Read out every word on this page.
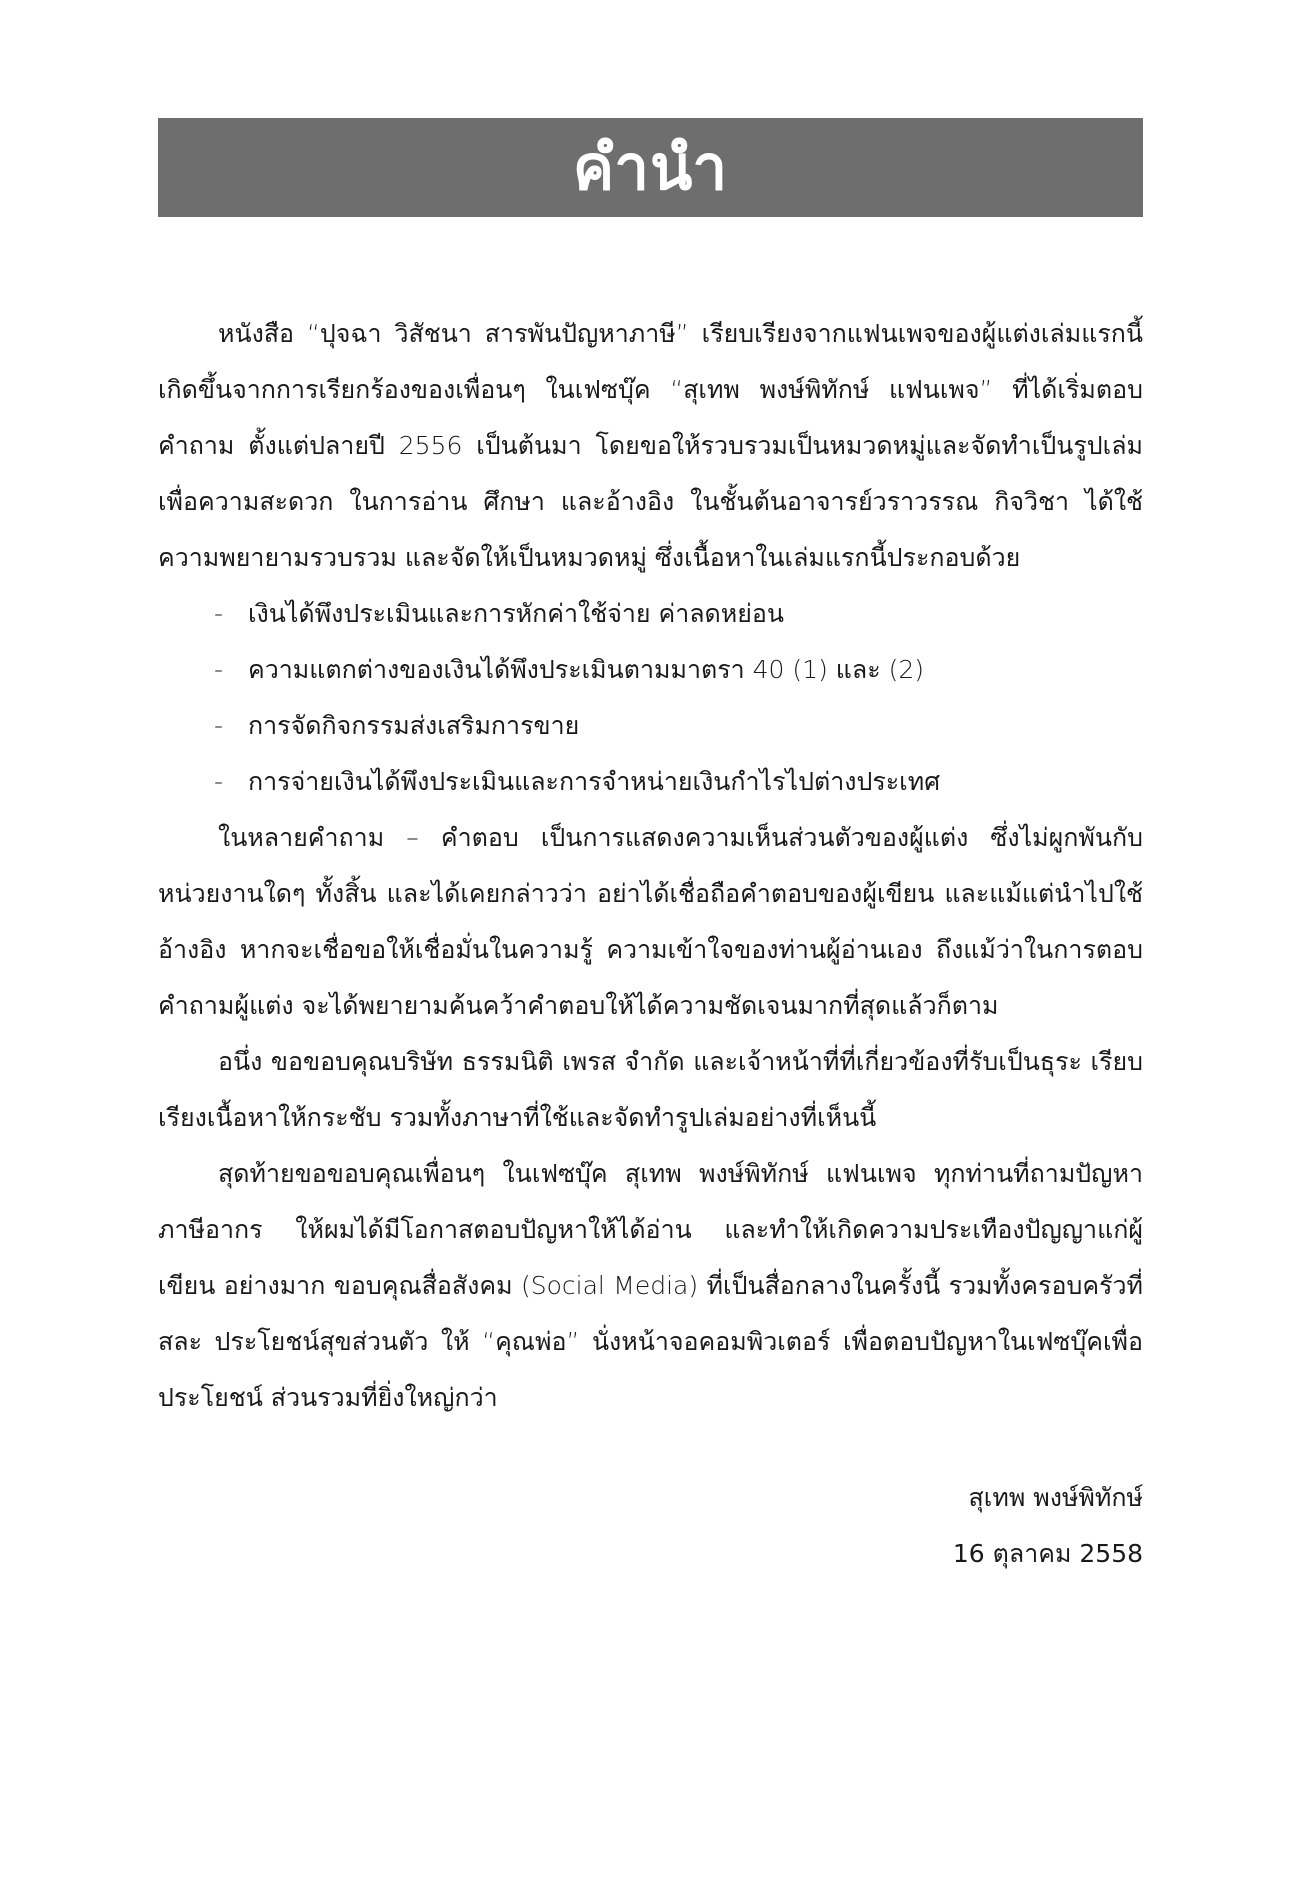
คำนำ

หนังสือ “ปุจฉา วิสัชนา สารพันปัญหาภาษี” เรียบเรียงจากแฟนเพจของผู้แต่งเล่มแรกนี้ เกิดขึ้นจากการเรียกร้องของเพื่อนๆ ในเฟซบุ๊ค “สุเทพ พงษ์พิทักษ์ แฟนเพจ” ที่ได้เริ่มตอบคำถาม ตั้งแต่ปลายปี 2556 เป็นต้นมา โดยขอให้รวบรวมเป็นหมวดหมู่และจัดทำเป็นรูปเล่ม เพื่อความสะดวก ในการอ่าน ศึกษา และอ้างอิง ในชั้นต้นอาจารย์วราวรรณ กิจวิชา ได้ใช้ความพยายามรวบรวม และจัดให้เป็นหมวดหมู่ ซึ่งเนื้อหาในเล่มแรกนี้ประกอบด้วย

- เงินได้พึงประเมินและการหักค่าใช้จ่าย ค่าลดหย่อน
- ความแตกต่างของเงินได้พึงประเมินตามมาตรา 40 (1) และ (2)
- การจัดกิจกรรมส่งเสริมการขาย
- การจ่ายเงินได้พึงประเมินและการจำหน่ายเงินกำไรไปต่างประเทศ

ในหลายคำถาม – คำตอบ เป็นการแสดงความเห็นส่วนตัวของผู้แต่ง ซึ่งไม่ผูกพันกับ หน่วยงานใดๆ ทั้งสิ้น และได้เคยกล่าวว่า อย่าได้เชื่อถือคำตอบของผู้เขียน และแม้แต่นำไปใช้อ้างอิง หากจะเชื่อขอให้เชื่อมั่นในความรู้ ความเข้าใจของท่านผู้อ่านเอง ถึงแม้ว่าในการตอบคำถามผู้แต่ง จะได้พยายามค้นคว้าคำตอบให้ได้ความชัดเจนมากที่สุดแล้วก็ตาม

อนึ่ง ขอขอบคุณบริษัท ธรรมนิติ เพรส จำกัด และเจ้าหน้าที่ที่เกี่ยวข้องที่รับเป็นธุระ เรียบเรียงเนื้อหาให้กระชับ รวมทั้งภาษาที่ใช้และจัดทำรูปเล่มอย่างที่เห็นนี้

สุดท้ายขอขอบคุณเพื่อนๆ ในเฟซบุ๊ค สุเทพ พงษ์พิทักษ์ แฟนเพจ ทุกท่านที่ถามปัญหา ภาษีอากร ให้ผมได้มีโอกาสตอบปัญหาให้ได้อ่าน และทำให้เกิดความประเทืองปัญญาแก่ผู้เขียน อย่างมาก ขอบคุณสื่อสังคม (Social Media) ที่เป็นสื่อกลางในครั้งนี้ รวมทั้งครอบครัวที่สละ ประโยชน์สุขส่วนตัว ให้ “คุณพ่อ” นั่งหน้าจอคอมพิวเตอร์ เพื่อตอบปัญหาในเฟซบุ๊คเพื่อประโยชน์ ส่วนรวมที่ยิ่งใหญ่กว่า

สุเทพ พงษ์พิทักษ์
16 ตุลาคม 2558
